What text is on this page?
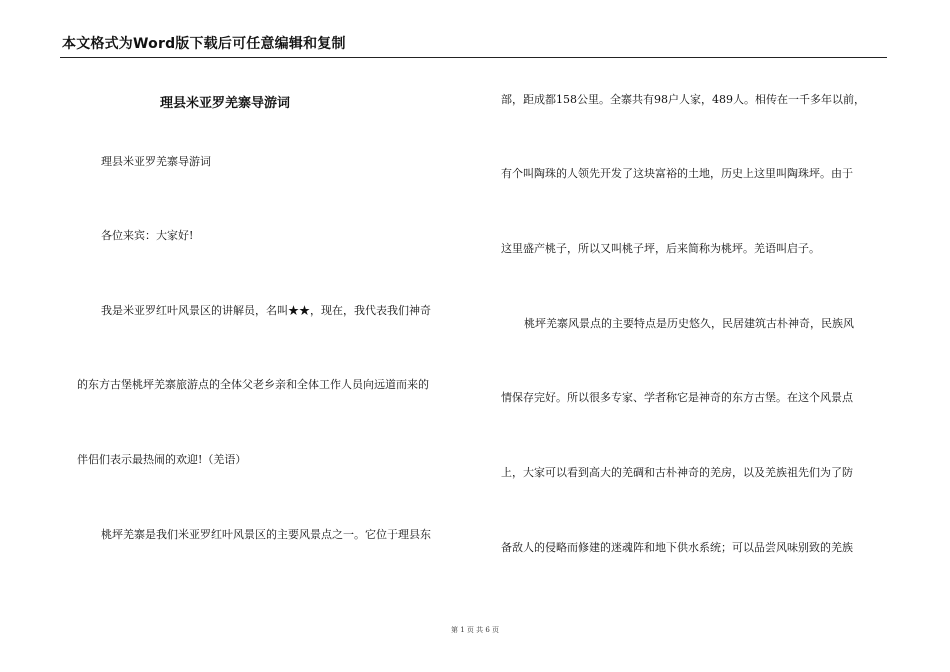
本文格式为Word版下载后可任意编辑和复制
理县米亚罗羌寨导游词
理县米亚罗羌寨导游词
各位来宾：大家好!
我是米亚罗红叶风景区的讲解员，名叫★★，现在，我代表我们神奇
的东方古堡桃坪羌寨旅游点的全体父老乡亲和全体工作人员向远道而来的
伴侣们表示最热闹的欢迎!（羌语）
桃坪羌寨是我们米亚罗红叶风景区的主要风景点之一。它位于理县东
部，距成都158公里。全寨共有98户人家，489人。相传在一千多年以前，
有个叫陶珠的人领先开发了这块富裕的土地，历史上这里叫陶珠坪。由于
这里盛产桃子，所以又叫桃子坪，后来简称为桃坪。羌语叫启子。
桃坪羌寨风景点的主要特点是历史悠久，民居建筑古朴神奇，民族风
情保存完好。所以很多专家、学者称它是神奇的东方古堡。在这个风景点
上，大家可以看到高大的羌碉和古朴神奇的羌房，以及羌族祖先们为了防
备敌人的侵略而修建的迷魂阵和地下供水系统；可以品尝风味别致的羌族
第 1 页 共 6 页
